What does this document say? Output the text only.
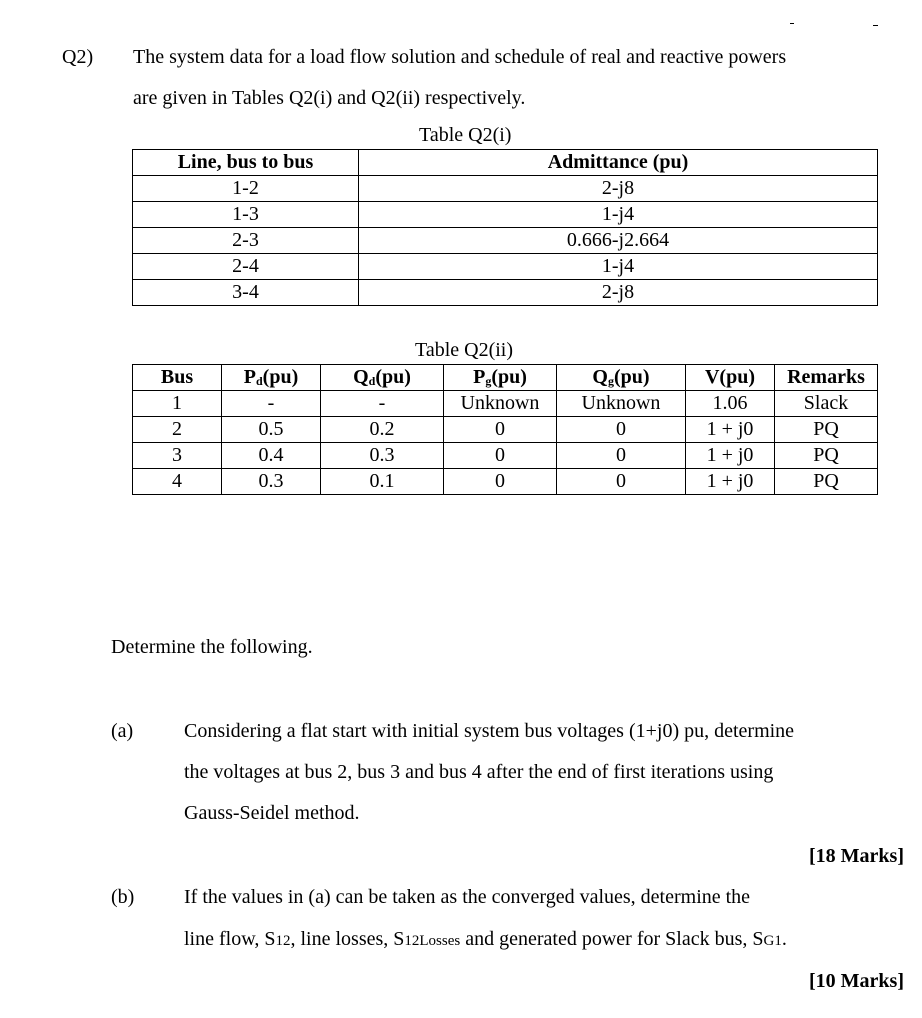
Q2) The system data for a load flow solution and schedule of real and reactive powers
are given in Tables Q2(i) and Q2(ii) respectively.
Table Q2(i)
Line, bus to bus	Admittance (pu)
1-2	2-j8
1-3	1-j4
2-3	0.666-j2.664
2-4	1-j4
3-4	2-j8
Table Q2(ii)
Bus	$P_d(pu)$	$Q_d(pu)$	$P_g(pu)$	$Q_g(pu)$	V(pu)	Remarks
1	-	-	Unknown	Unknown	1.06	Slack
2	0.5	0.2	0	0	1 + j0	PQ
3	0.4	0.3	0	0	1 + j0	PQ
4	0.3	0.1	0	0	1 + j0	PQ
Determine the following.
(a)	Considering a flat start with initial system bus voltages (1+j0) pu, determine
the voltages at bus 2, bus 3 and bus 4 after the end of first iterations using
Gauss-Seidel method.
[18 Marks]
(b) If the values in (a) can be taken as the converged values, determine the
line flow, S12, line losses, S12Losses and generated power for Slack bus, SG1.
[10 Marks]
